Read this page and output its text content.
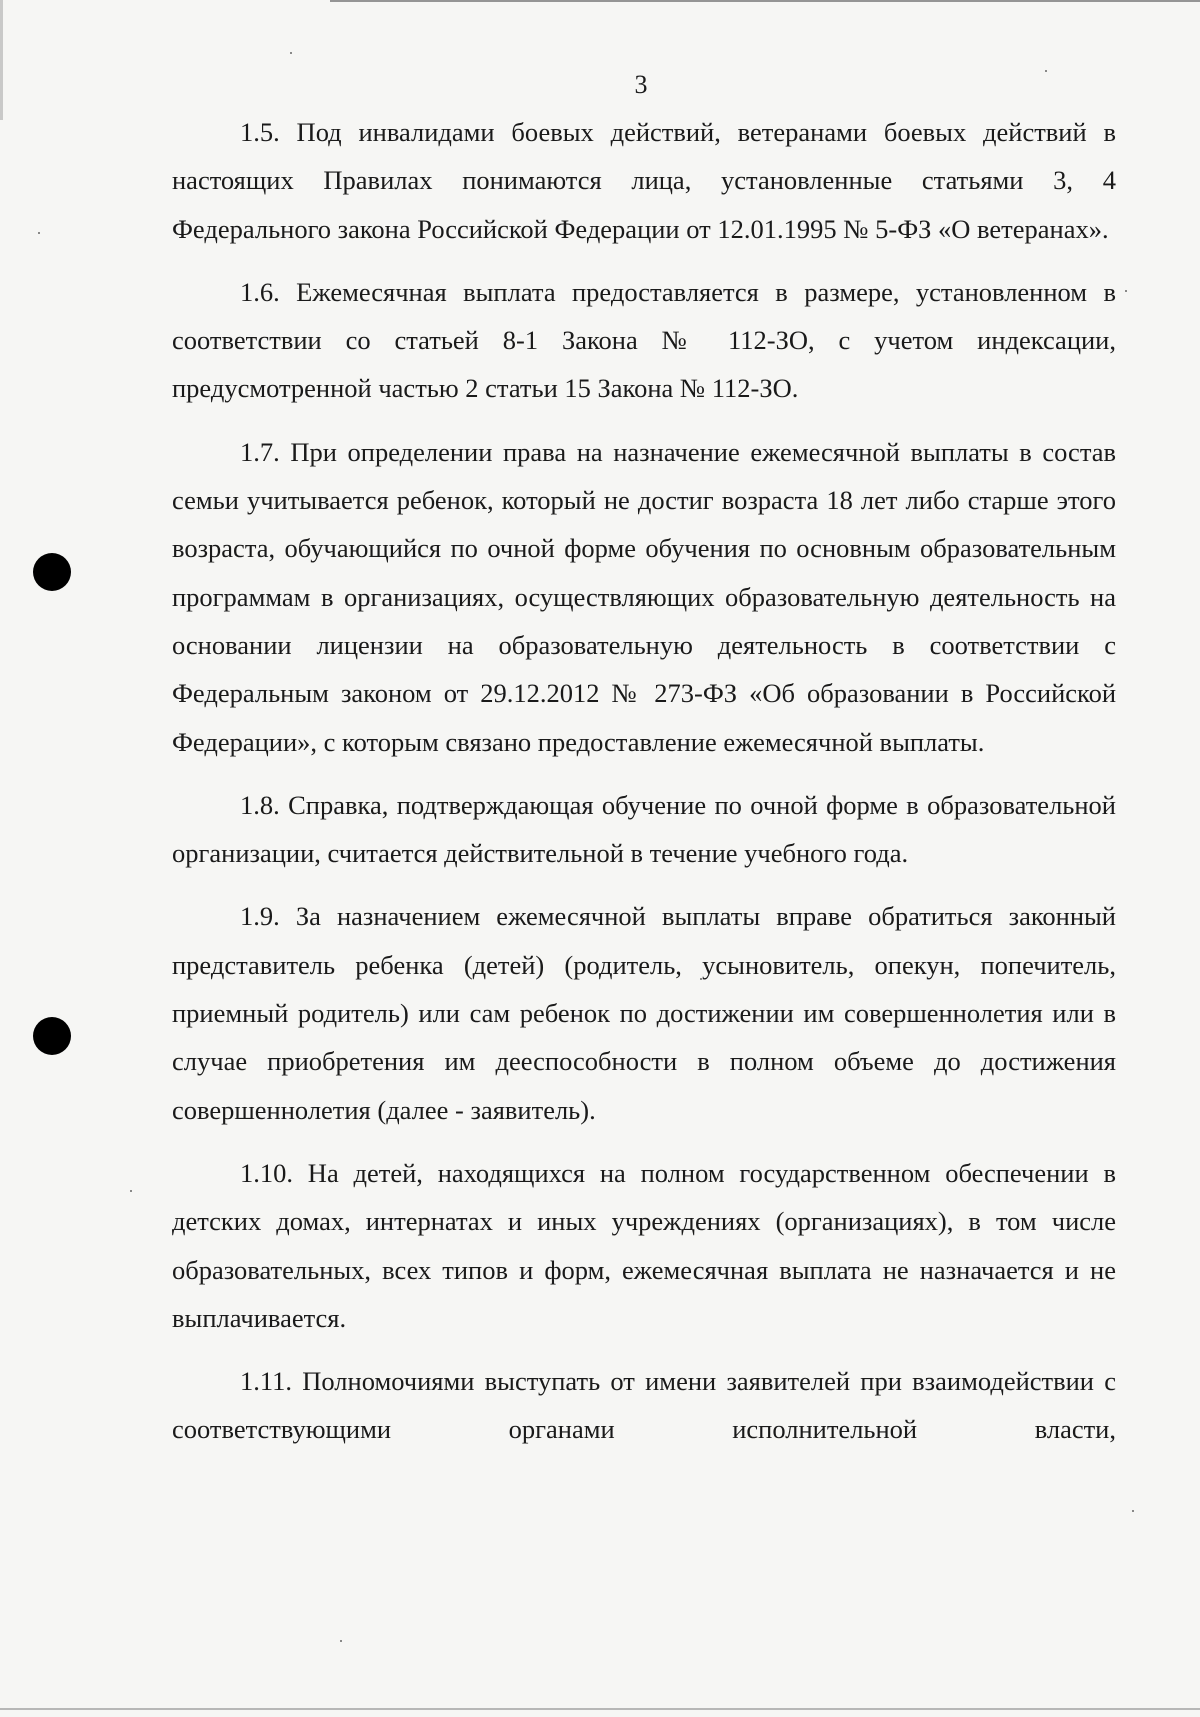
3

1.5. Под инвалидами боевых действий, ветеранами боевых действий в настоящих Правилах понимаются лица, установленные статьями 3, 4 Федерального закона Российской Федерации от 12.01.1995 № 5-ФЗ «О ветеранах».

1.6. Ежемесячная выплата предоставляется в размере, установленном в соответствии со статьей 8-1 Закона № 112-ЗО, с учетом индексации, предусмотренной частью 2 статьи 15 Закона № 112-ЗО.

1.7. При определении права на назначение ежемесячной выплаты в состав семьи учитывается ребенок, который не достиг возраста 18 лет либо старше этого возраста, обучающийся по очной форме обучения по основным образовательным программам в организациях, осуществляющих образовательную деятельность на основании лицензии на образовательную деятельность в соответствии с Федеральным законом от 29.12.2012 № 273-ФЗ «Об образовании в Российской Федерации», с которым связано предоставление ежемесячной выплаты.

1.8. Справка, подтверждающая обучение по очной форме в образовательной организации, считается действительной в течение учебного года.

1.9. За назначением ежемесячной выплаты вправе обратиться законный представитель ребенка (детей) (родитель, усыновитель, опекун, попечитель, приемный родитель) или сам ребенок по достижении им совершеннолетия или в случае приобретения им дееспособности в полном объеме до достижения совершеннолетия (далее - заявитель).

1.10. На детей, находящихся на полном государственном обеспечении в детских домах, интернатах и иных учреждениях (организациях), в том числе образовательных, всех типов и форм, ежемесячная выплата не назначается и не выплачивается.

1.11. Полномочиями выступать от имени заявителей при взаимодействии с соответствующими органами исполнительной власти,
